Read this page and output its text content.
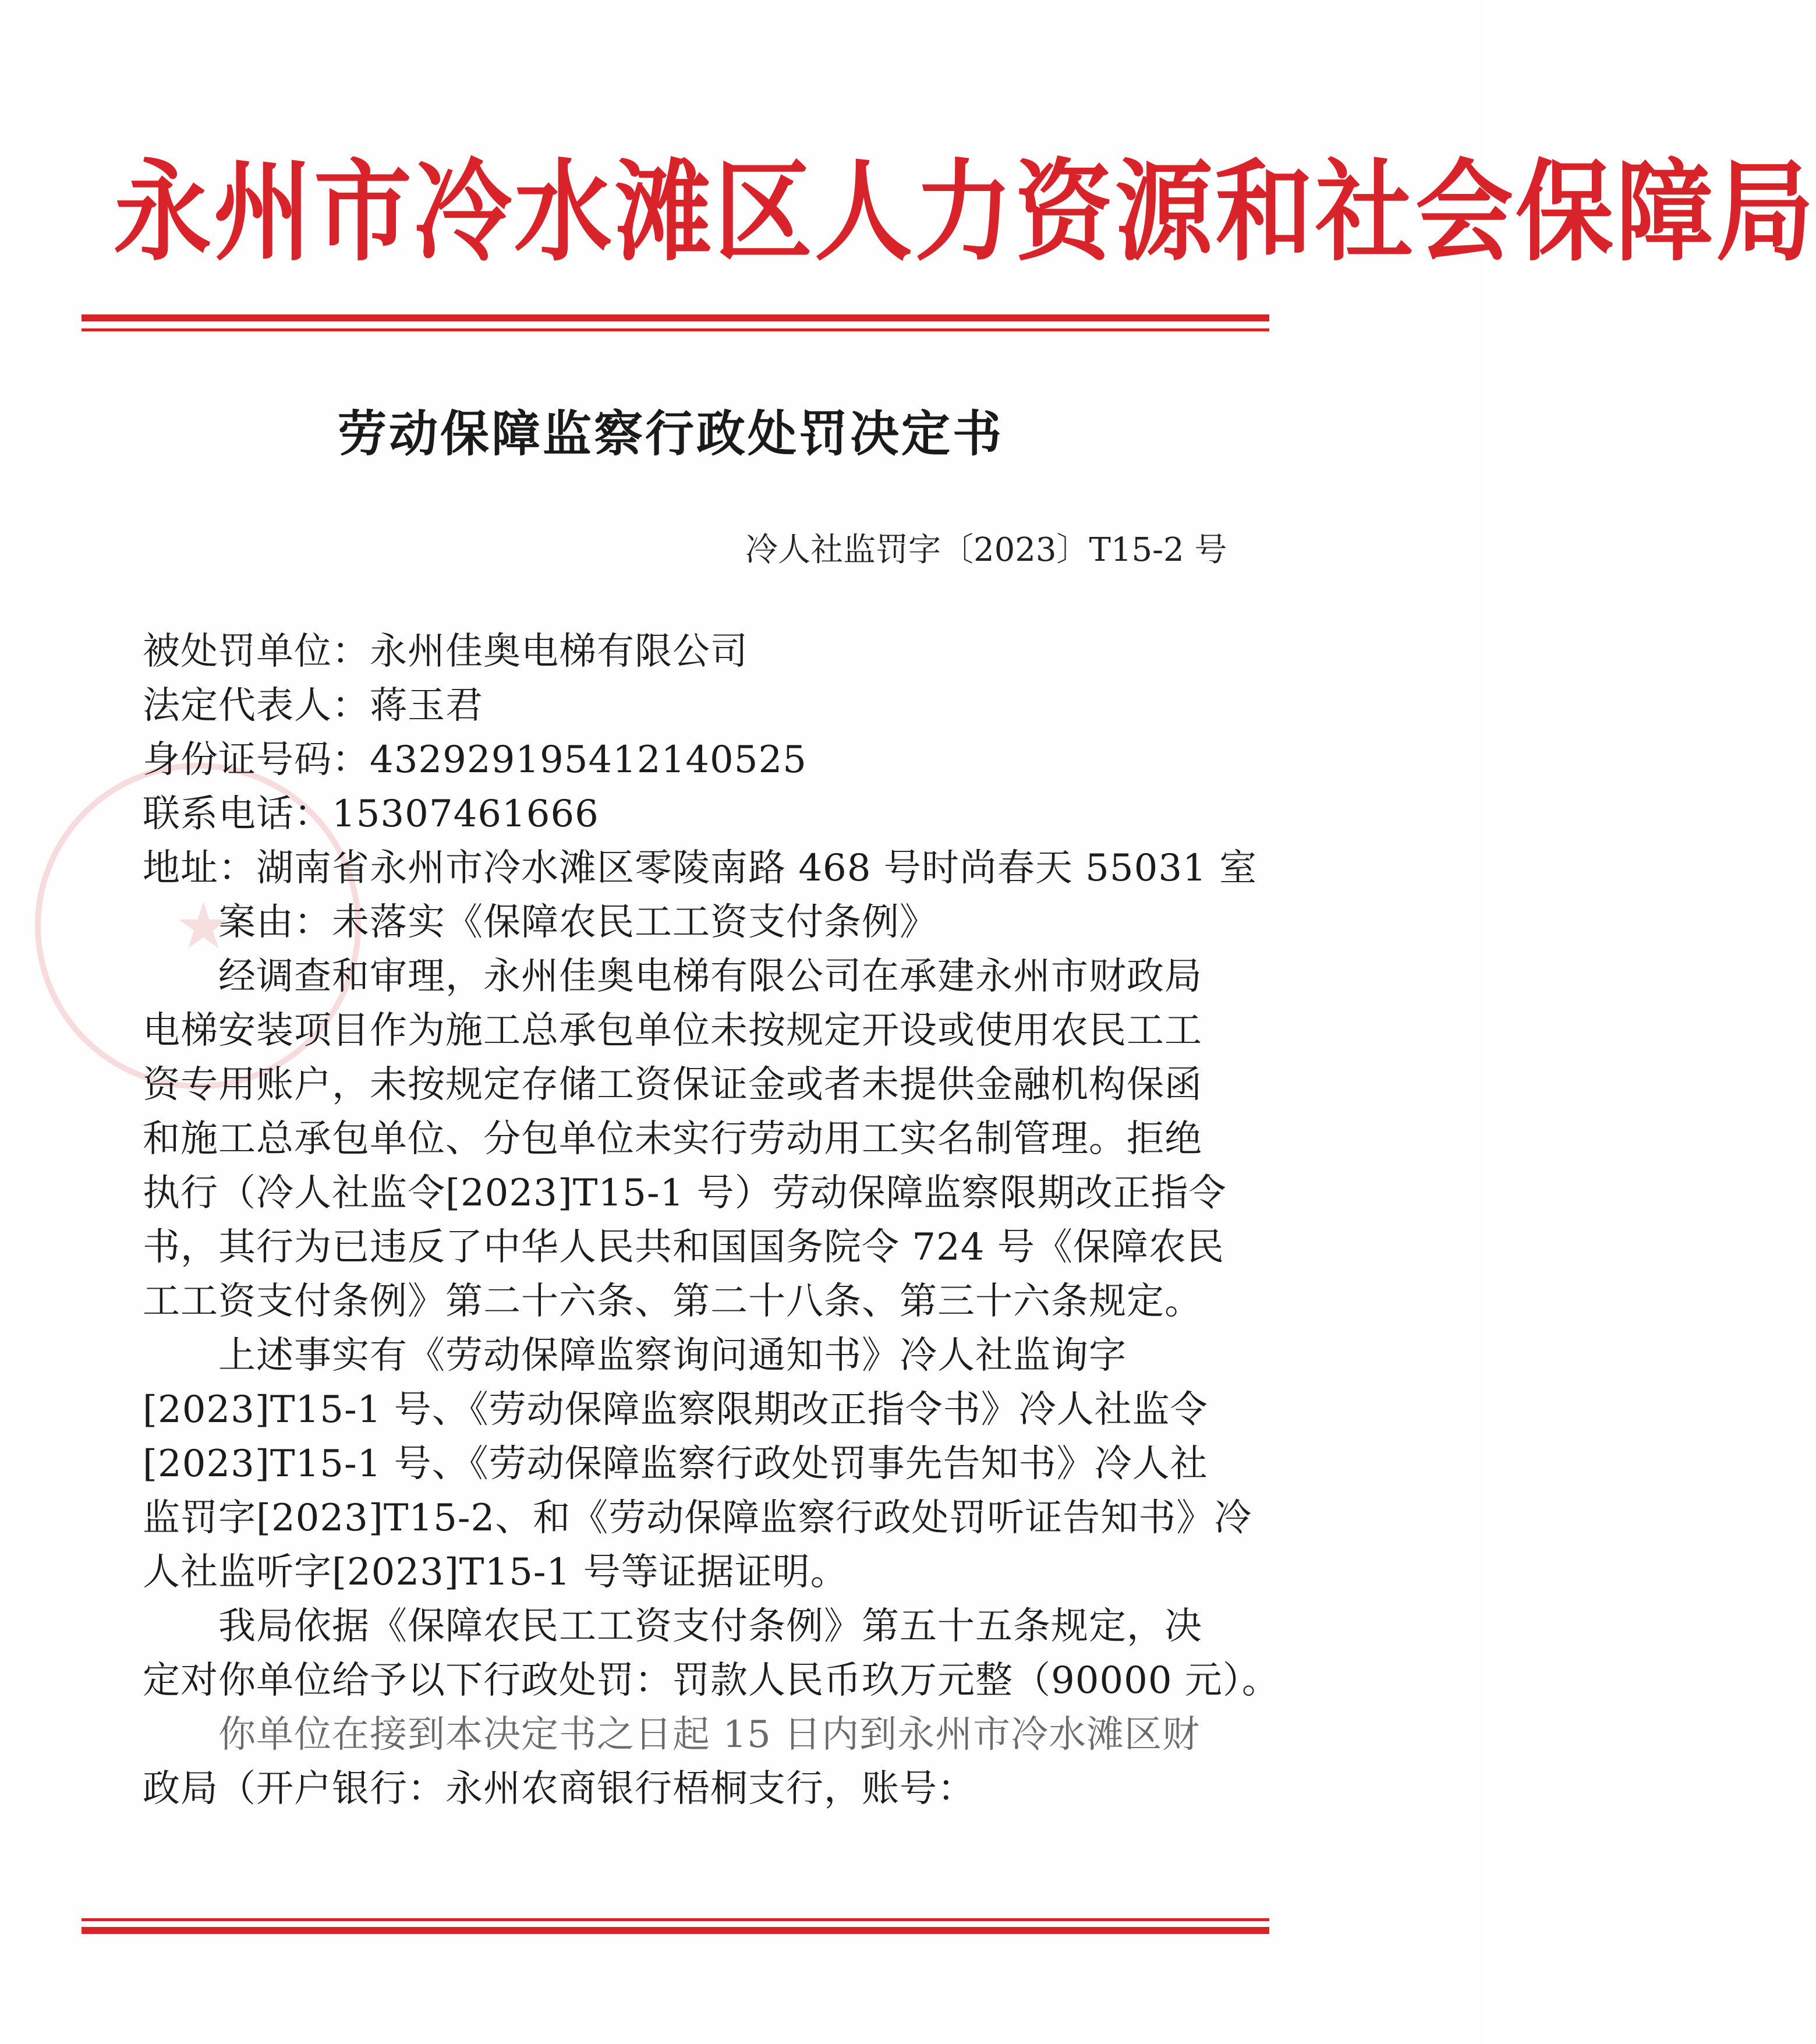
★
永州市冷水滩区人力资源和社会保障局
劳动保障监察行政处罚决定书
冷人社监罚字〔2023〕T15-2 号
被处罚单位：永州佳奥电梯有限公司
法定代表人：蒋玉君
身份证号码：432929195412140525
联系电话：15307461666
地址：湖南省永州市冷水滩区零陵南路 468 号时尚春天 55031 室
案由：未落实《保障农民工工资支付条例》
经调查和审理，永州佳奥电梯有限公司在承建永州市财政局
电梯安装项目作为施工总承包单位未按规定开设或使用农民工工
资专用账户，未按规定存储工资保证金或者未提供金融机构保函
和施工总承包单位、分包单位未实行劳动用工实名制管理。拒绝
执行（冷人社监令[2023]T15-1 号）劳动保障监察限期改正指令
书，其行为已违反了中华人民共和国国务院令 724 号《保障农民
工工资支付条例》第二十六条、第二十八条、第三十六条规定。
上述事实有《劳动保障监察询问通知书》冷人社监询字
[2023]T15-1 号、《劳动保障监察限期改正指令书》冷人社监令
[2023]T15-1 号、《劳动保障监察行政处罚事先告知书》冷人社
监罚字[2023]T15-2、和《劳动保障监察行政处罚听证告知书》冷
人社监听字[2023]T15-1 号等证据证明。
我局依据《保障农民工工资支付条例》第五十五条规定，决
定对你单位给予以下行政处罚：罚款人民币玖万元整（90000 元）。
你单位在接到本决定书之日起 15 日内到永州市冷水滩区财
政局（开户银行：永州农商银行梧桐支行，账号：
